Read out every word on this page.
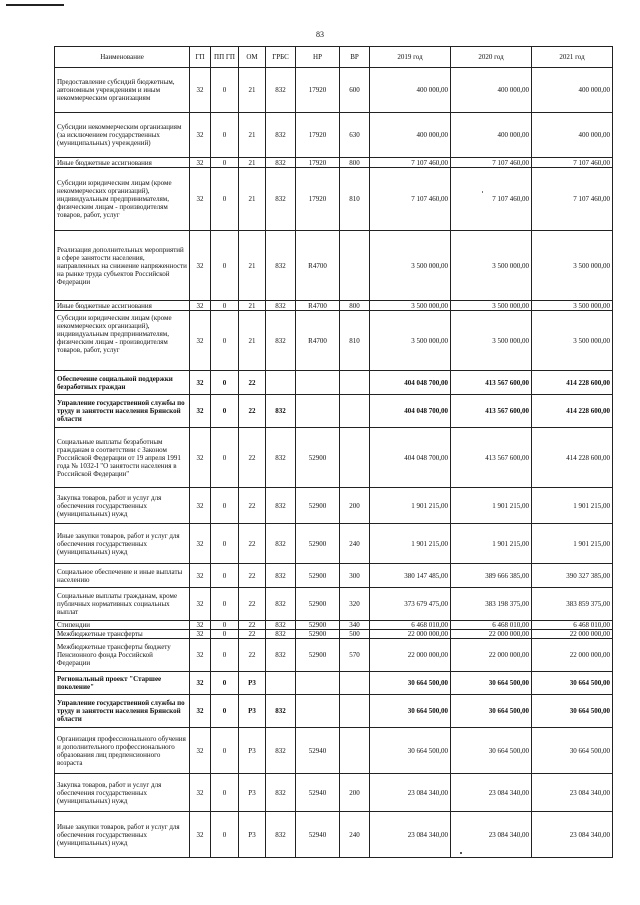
83
Наименование	ГП	ПП ГП	ОМ	ГРБС	НР	ВР	2019 год	2020 год	2021 год
Предоставление субсидий бюджетным, автономным учреждениям и иным некоммерческим организациям	32	0	21	832	17920	600	400 000,00	400 000,00	400 000,00
Субсидии некоммерческим организациям (за исключением государственных (муниципальных) учреждений)	32	0	21	832	17920	630	400 000,00	400 000,00	400 000,00
Иные бюджетные ассигнования	32	0	21	832	17920	800	7 107 460,00	7 107 460,00	7 107 460,00
Субсидии юридическим лицам (кроме некоммерческих организаций), индивидуальным предпринимателям, физическим лицам - производителям товаров, работ, услуг	32	0	21	832	17920	810	7 107 460,00	7 107 460,00	7 107 460,00
Реализация дополнительных мероприятий в сфере занятости населения, направленных на снижение напряженности на рынке труда субъектов Российской Федерации	32	0	21	832	R4700		3 500 000,00	3 500 000,00	3 500 000,00
Иные бюджетные ассигнования	32	0	21	832	R4700	800	3 500 000,00	3 500 000,00	3 500 000,00
Субсидии юридическим лицам (кроме некоммерческих организаций), индивидуальным предпринимателям, физическим лицам - производителям товаров, работ, услуг	32	0	21	832	R4700	810	3 500 000,00	3 500 000,00	3 500 000,00
Обеспечение социальной поддержки безработных граждан	32	0	22				404 048 700,00	413 567 600,00	414 228 600,00
Управление государственной службы по труду и занятости населения Брянской области	32	0	22	832			404 048 700,00	413 567 600,00	414 228 600,00
Социальные выплаты безработным гражданам в соответствии с Законом Российской Федерации от 19 апреля 1991 года № 1032-I "О занятости населения в Российской Федерации"	32	0	22	832	52900		404 048 700,00	413 567 600,00	414 228 600,00
Закупка товаров, работ и услуг для обеспечения государственных (муниципальных) нужд	32	0	22	832	52900	200	1 901 215,00	1 901 215,00	1 901 215,00
Иные закупки товаров, работ и услуг для обеспечения государственных (муниципальных) нужд	32	0	22	832	52900	240	1 901 215,00	1 901 215,00	1 901 215,00
Социальное обеспечение и иные выплаты населению	32	0	22	832	52900	300	380 147 485,00	389 666 385,00	390 327 385,00
Социальные выплаты гражданам, кроме публичных нормативных социальных выплат	32	0	22	832	52900	320	373 679 475,00	383 198 375,00	383 859 375,00
Стипендии	32	0	22	832	52900	340	6 468 010,00	6 468 010,00	6 468 010,00
Межбюджетные трансферты	32	0	22	832	52900	500	22 000 000,00	22 000 000,00	22 000 000,00
Межбюджетные трансферты бюджету Пенсионного фонда Российской Федерации	32	0	22	832	52900	570	22 000 000,00	22 000 000,00	22 000 000,00
Региональный проект "Старшее поколение"	32	0	P3				30 664 500,00	30 664 500,00	30 664 500,00
Управление государственной службы по труду и занятости населения Брянской области	32	0	P3	832			30 664 500,00	30 664 500,00	30 664 500,00
Организация профессионального обучения и дополнительного профессионального образования лиц предпенсионного возраста	32	0	P3	832	52940		30 664 500,00	30 664 500,00	30 664 500,00
Закупка товаров, работ и услуг для обеспечения государственных (муниципальных) нужд	32	0	P3	832	52940	200	23 084 340,00	23 084 340,00	23 084 340,00
Иные закупки товаров, работ и услуг для обеспечения государственных (муниципальных) нужд	32	0	P3	832	52940	240	23 084 340,00	23 084 340,00	23 084 340,00
